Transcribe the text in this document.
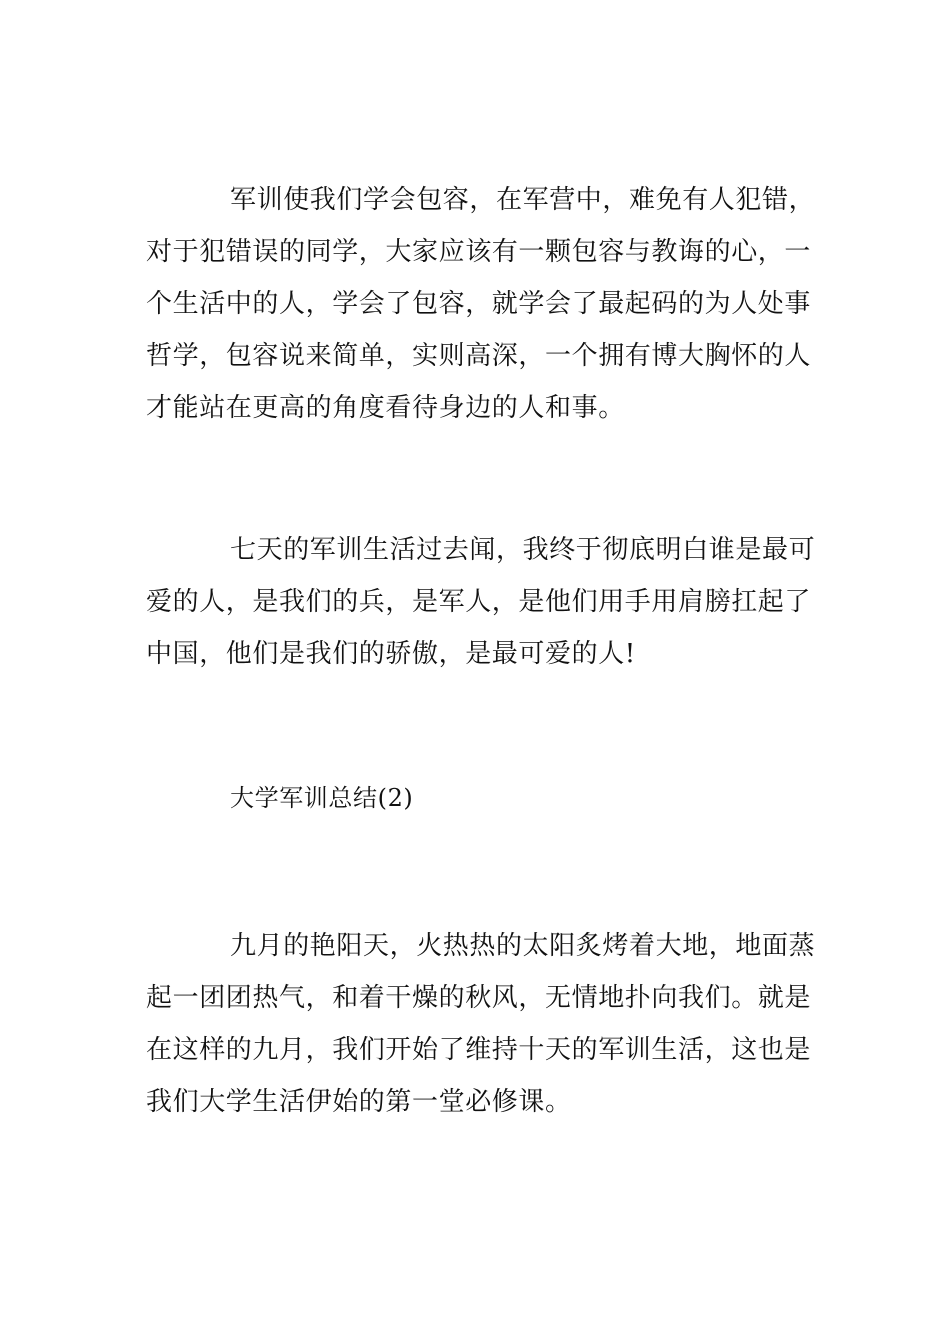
军训使我们学会包容，在军营中，难免有人犯错，
对于犯错误的同学，大家应该有一颗包容与教诲的心，一
个生活中的人，学会了包容，就学会了最起码的为人处事
哲学，包容说来简单，实则高深，一个拥有博大胸怀的人
才能站在更高的角度看待身边的人和事。
七天的军训生活过去闻，我终于彻底明白谁是最可
爱的人，是我们的兵，是军人，是他们用手用肩膀扛起了
中国，他们是我们的骄傲，是最可爱的人!
大学军训总结(2)
九月的艳阳天，火热热的太阳炙烤着大地，地面蒸
起一团团热气，和着干燥的秋风，无情地扑向我们。就是
在这样的九月，我们开始了维持十天的军训生活，这也是
我们大学生活伊始的第一堂必修课。
